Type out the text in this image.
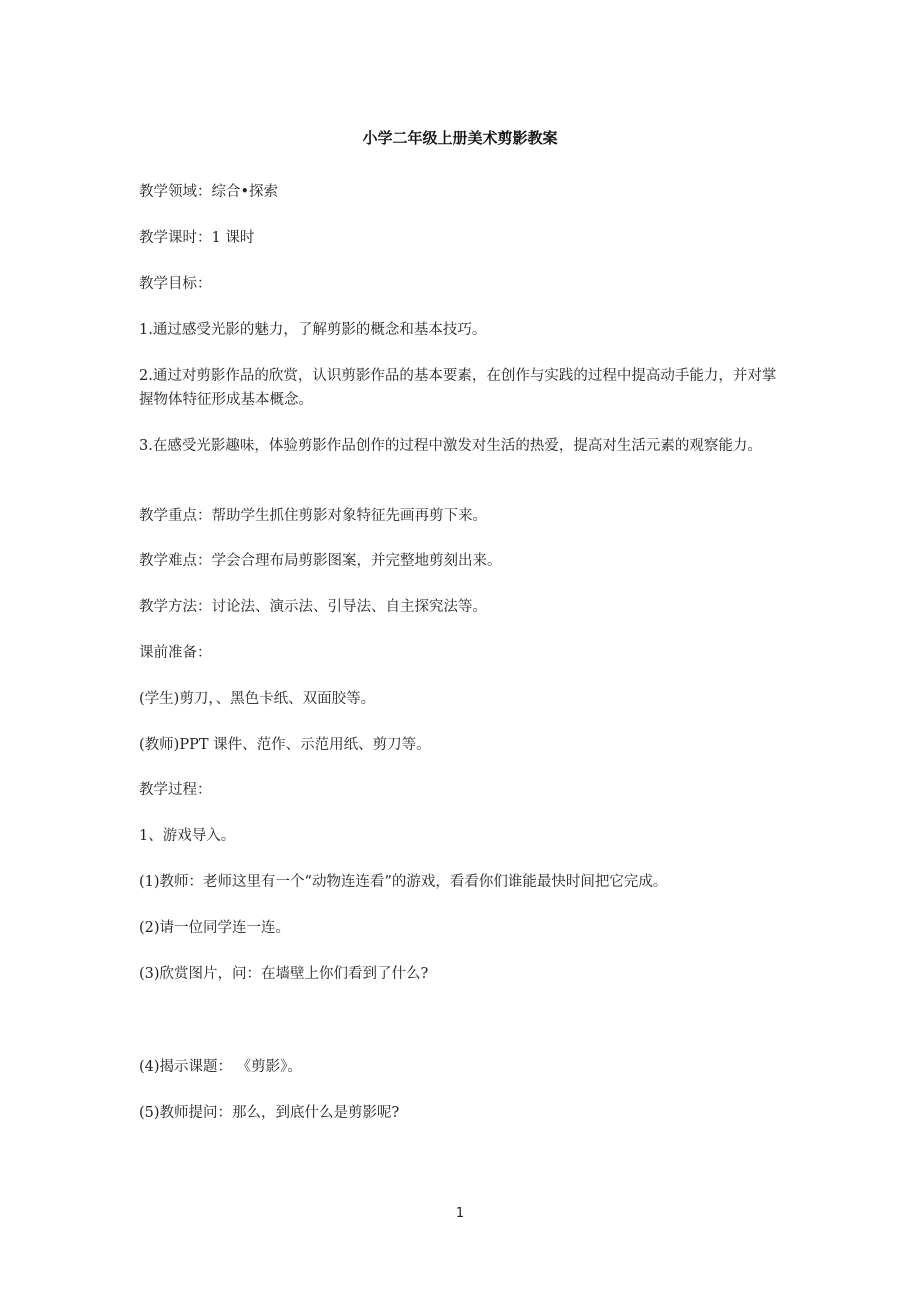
小学二年级上册美术剪影教案
教学领域：综合•探索
教学课时：1 课时
教学目标：
1.通过感受光影的魅力，了解剪影的概念和基本技巧。
2.通过对剪影作品的欣赏，认识剪影作品的基本要素，在创作与实践的过程中提高动手能力，并对掌握物体特征形成基本概念。
3.在感受光影趣味，体验剪影作品创作的过程中激发对生活的热爱，提高对生活元素的观察能力。
教学重点：帮助学生抓住剪影对象特征先画再剪下来。
教学难点：学会合理布局剪影图案，并完整地剪刻出来。
教学方法：讨论法、演示法、引导法、自主探究法等。
课前准备：
(学生)剪刀，、黑色卡纸、双面胶等。
(教师)PPT 课件、范作、示范用纸、剪刀等。
教学过程：
1、游戏导入。
(1)教师：老师这里有一个“动物连连看”的游戏，看看你们谁能最快时间把它完成。
(2)请一位同学连一连。
(3)欣赏图片，问：在墙壁上你们看到了什么?
(4)揭示课题： 《剪影》。
(5)教师提问：那么，到底什么是剪影呢?
1
